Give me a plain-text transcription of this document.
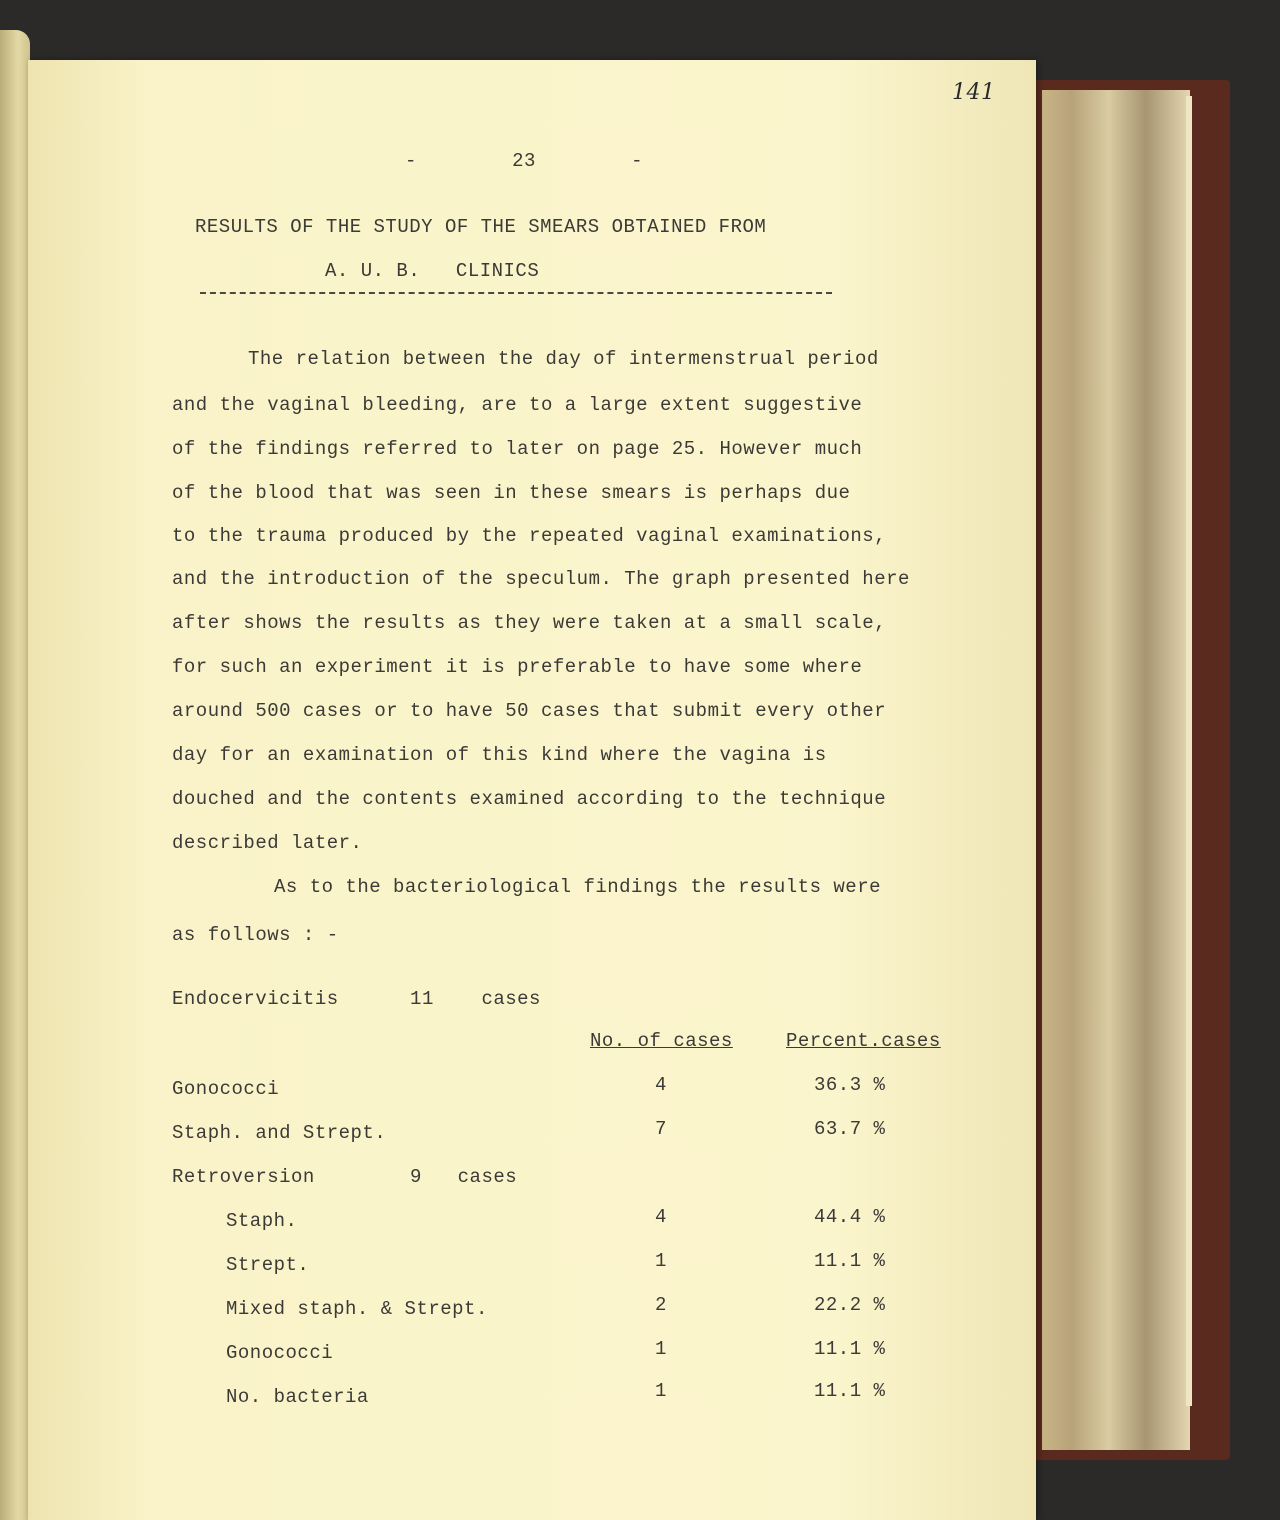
141
-        23        -
RESULTS OF THE STUDY OF THE SMEARS OBTAINED FROM
A. U. B.   CLINICS
The relation between the day of intermenstrual period
and the vaginal bleeding, are to a large extent suggestive
of the findings referred to later on page 25. However much
of the blood that was seen in these smears is perhaps due
to the trauma produced by the repeated vaginal examinations,
and the introduction of the speculum. The graph presented here
after shows the results as they were taken at a small scale,
for such an experiment it is preferable to have some where
around 500 cases or to have 50 cases that submit every other
day for an examination of this kind where the vagina is
douched and the contents examined according to the technique
described later.
As to the bacteriological findings the results were
as follows : -
Endocervicitis      11    cases
No. of cases	Percent.cases
Gonococci	4	36.3 %
Staph. and Strept.	7	63.7 %
Retroversion        9   cases
Staph.	4	44.4 %
Strept.	1	11.1 %
Mixed staph. & Strept.	2	22.2 %
Gonococci	1	11.1 %
No. bacteria	1	11.1 %
